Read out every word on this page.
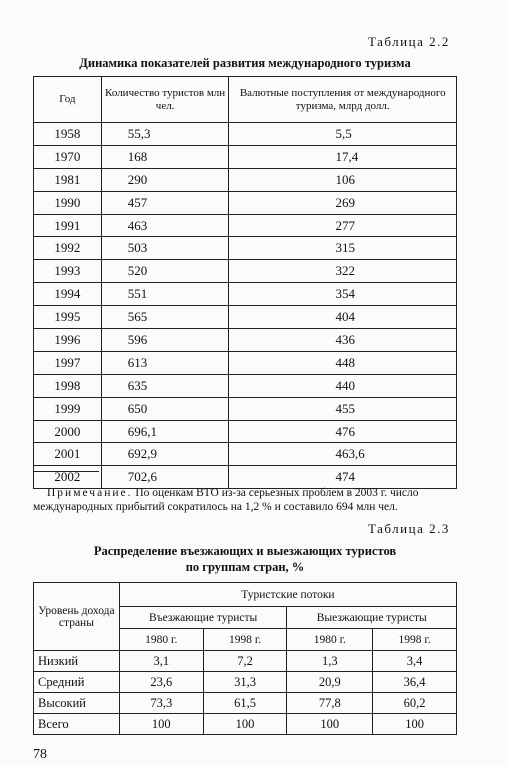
Таблица 2.2
Динамика показателей развития международного туризма
Год	Количество туристов млн чел.	Валютные поступления от международного туризма, млрд долл.
1958	55,3	5,5
1970	168	17,4
1981	290	106
1990	457	269
1991	463	277
1992	503	315
1993	520	322
1994	551	354
1995	565	404
1996	596	436
1997	613	448
1998	635	440
1999	650	455
2000	696,1	476
2001	692,9	463,6
2002	702,6	474
Примечание. По оценкам ВТО из-за серьезных проблем в 2003 г. число международных прибытий сократилось на 1,2 % и составило 694 млн чел.
Таблица 2.3
Распределение въезжающих и выезжающих туристов
по группам стран, %
Уровень дохода страны	Туристские потоки			
	Въезжающие туристы		Выезжающие туристы	
	1980 г.	1998 г.	1980 г.	1998 г.
Низкий	3,1	7,2	1,3	3,4
Средний	23,6	31,3	20,9	36,4
Высокий	73,3	61,5	77,8	60,2
Всего	100	100	100	100
78
